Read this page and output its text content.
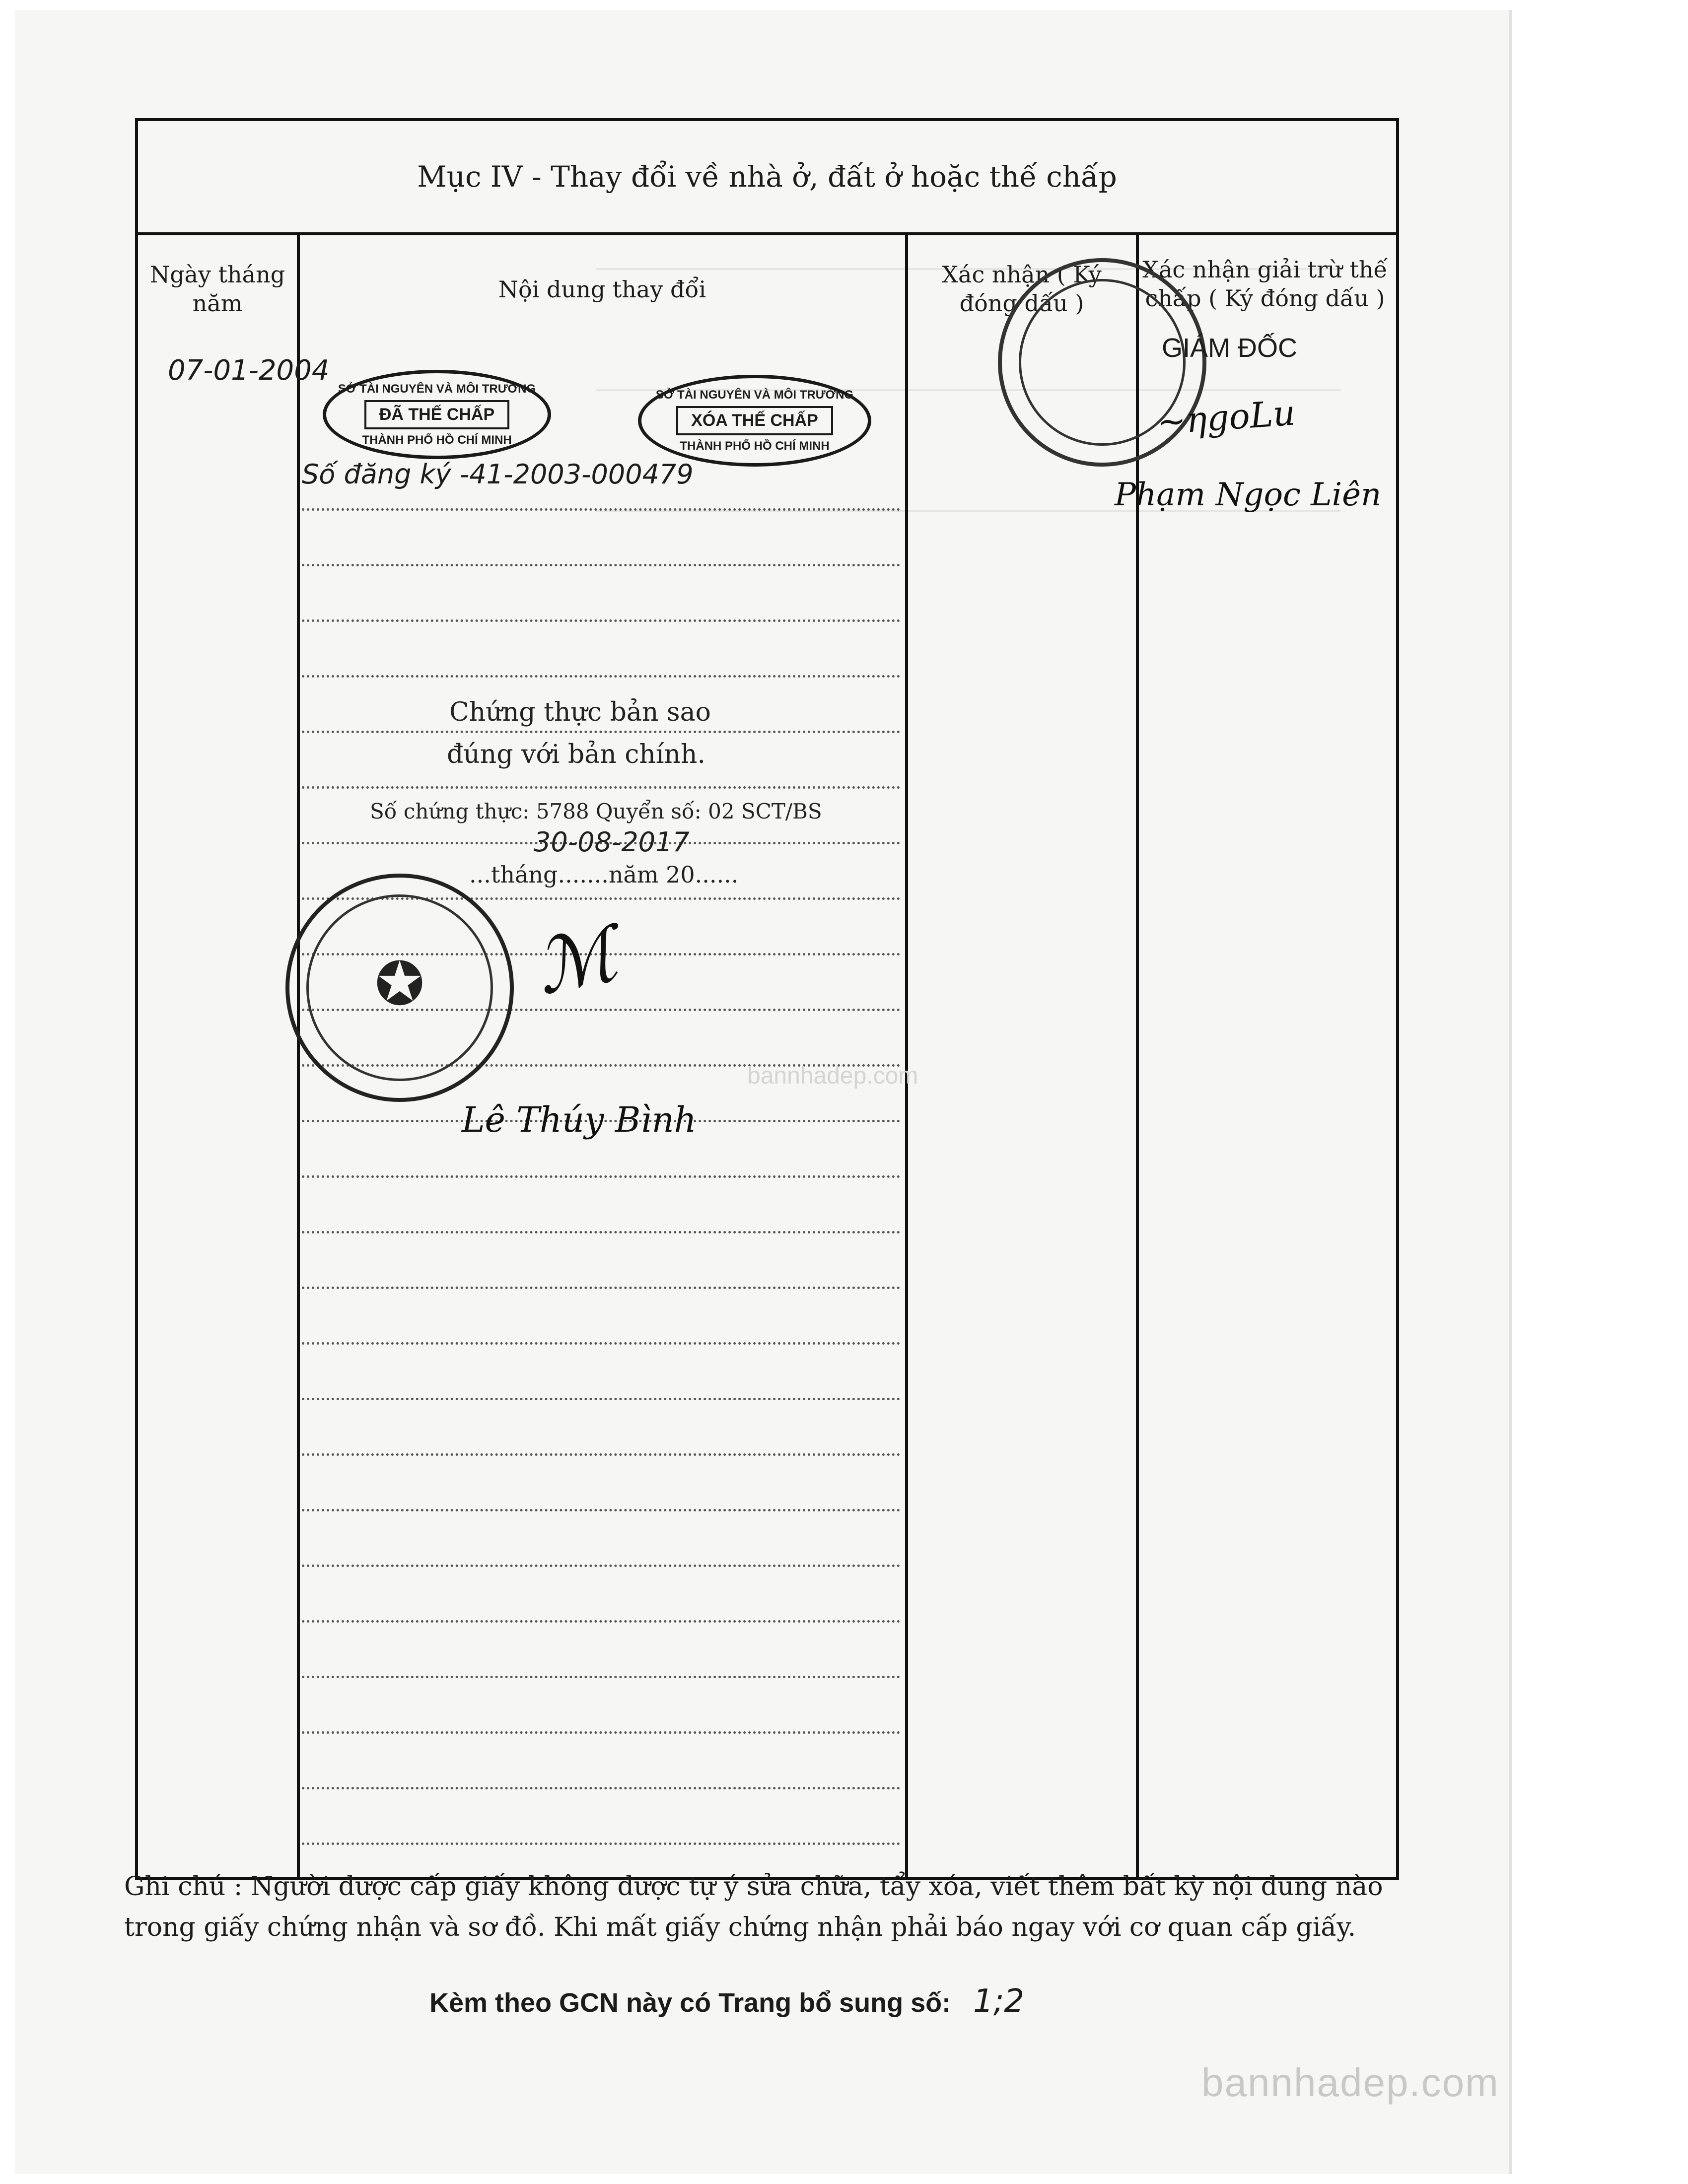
Mục IV - Thay đổi về nhà ở, đất ở hoặc thế chấp
Ngày tháng năm
Nội dung thay đổi
Xác nhận ( Ký đóng dấu )
Xác nhận giải trừ thế chấp ( Ký đóng dấu )
07-01-2004
Số đăng ký -41-2003-000479
SỞ TÀI NGUYÊN VÀ MÔI TRƯỜNG
ĐÃ THẾ CHẤP
THÀNH PHỐ HỒ CHÍ MINH
SỞ TÀI NGUYÊN VÀ MÔI TRƯỜNG
XÓA THẾ CHẤP
THÀNH PHỐ HỒ CHÍ MINH
GIÁM ĐỐC
~ηgoLu
Phạm Ngọc Liên
Chứng thực bản sao
đúng với bản chính.
Số chứng thực: 5788 Quyển số: 02 SCT/BS
30-08-2017
...tháng.......năm 20......
✪ ℳ
Lê Thúy Bình
bannhadep.com
Ghi chú : Người được cấp giấy không được tự ý sửa chữa, tẩy xóa, viết thêm bất kỳ nội dung nào trong giấy chứng nhận và sơ đồ. Khi mất giấy chứng nhận phải báo ngay với cơ quan cấp giấy.
Kèm theo GCN này có Trang bổ sung số: 1;2
bannhadep.com
